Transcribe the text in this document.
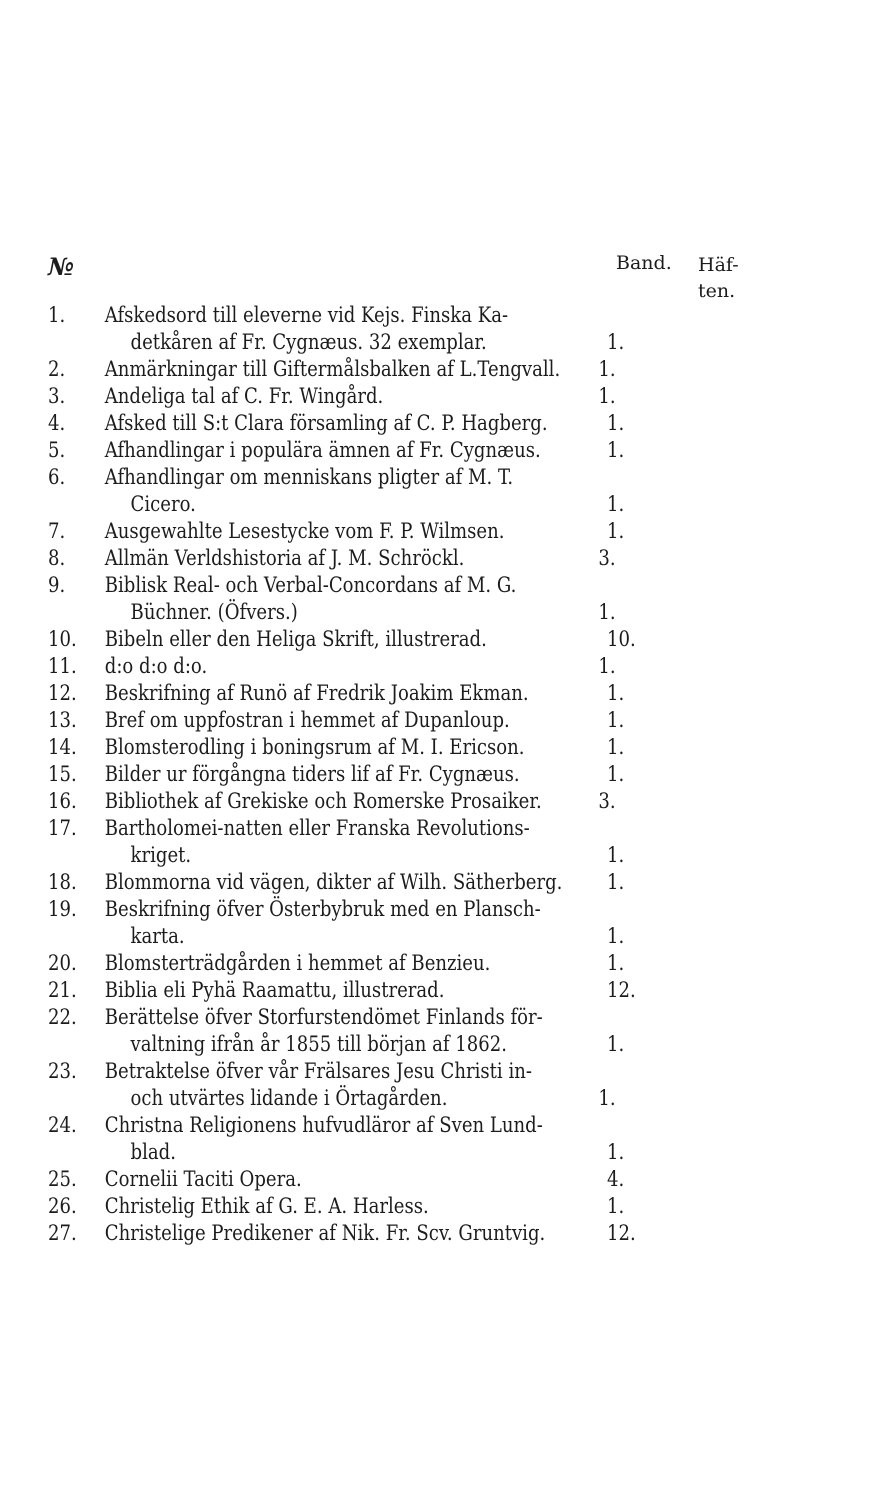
№	Band. Häf-
ten.
1.	Afskedsord till eleverne vid Kejs. Finska Ka-
detkåren af Fr. Cygnæus. 32 exemplar.	1.
2.	Anmärkningar till Giftermålsbalken af L.Tengvall. 1.
3.	Andeliga tal af C. Fr. Wingård.	1.
4.	Afsked till S:t Clara församling af C. P. Hagberg.	1.
5.	Afhandlingar i populära ämnen af Fr. Cygnæus.	1.
6.	Afhandlingar om menniskans pligter af M. T.
Cicero.	1.
7.	Ausgewahlte Lesestycke vom F. P. Wilmsen.	1.
8.	Allmän Verldshistoria af J. M. Schröckl.	3.
9.	Biblisk Real- och Verbal-Concordans af M. G.
Büchner. (Öfvers.)	1.
10. Bibeln eller den Heliga Skrift, illustrerad.	10.
11. d:o d:o d:o.	1.
12. Beskrifning af Runö af Fredrik Joakim Ekman.	1.
13. Bref om uppfostran i hemmet af Dupanloup.	1.
14. Blomsterodling i boningsrum af M. I. Ericson.	1.
15. Bilder ur förgångna tiders lif af Fr. Cygnæus.	1.
16. Bibliothek af Grekiske och Romerske Prosaiker.	3.
17. Bartholomei-natten eller Franska Revolutions-
kriget.	1.
18. Blommorna vid vägen, dikter af Wilh. Sätherberg. 1.
19. Beskrifning öfver Österbybruk med en Plansch-
karta.	1.
20. Blomsterträdgården i hemmet af Benzieu.	1.
21. Biblia eli Pyhä Raamattu, illustrerad.	12.
22. Berättelse öfver Storfurstendömet Finlands för-
valtning ifrån år 1855 till början af 1862.	1.
23. Betraktelse öfver vår Frälsares Jesu Christi in-
och utvärtes lidande i Örtagården.	1.
24. Christna Religionens hufvudläror af Sven Lund-
blad.	1.
25. Cornelii Taciti Opera.	4.
26. Christelig Ethik af G. E. A. Harless.	1.
27. Christelige Predikener af Nik. Fr. Scv. Gruntvig.	12.
